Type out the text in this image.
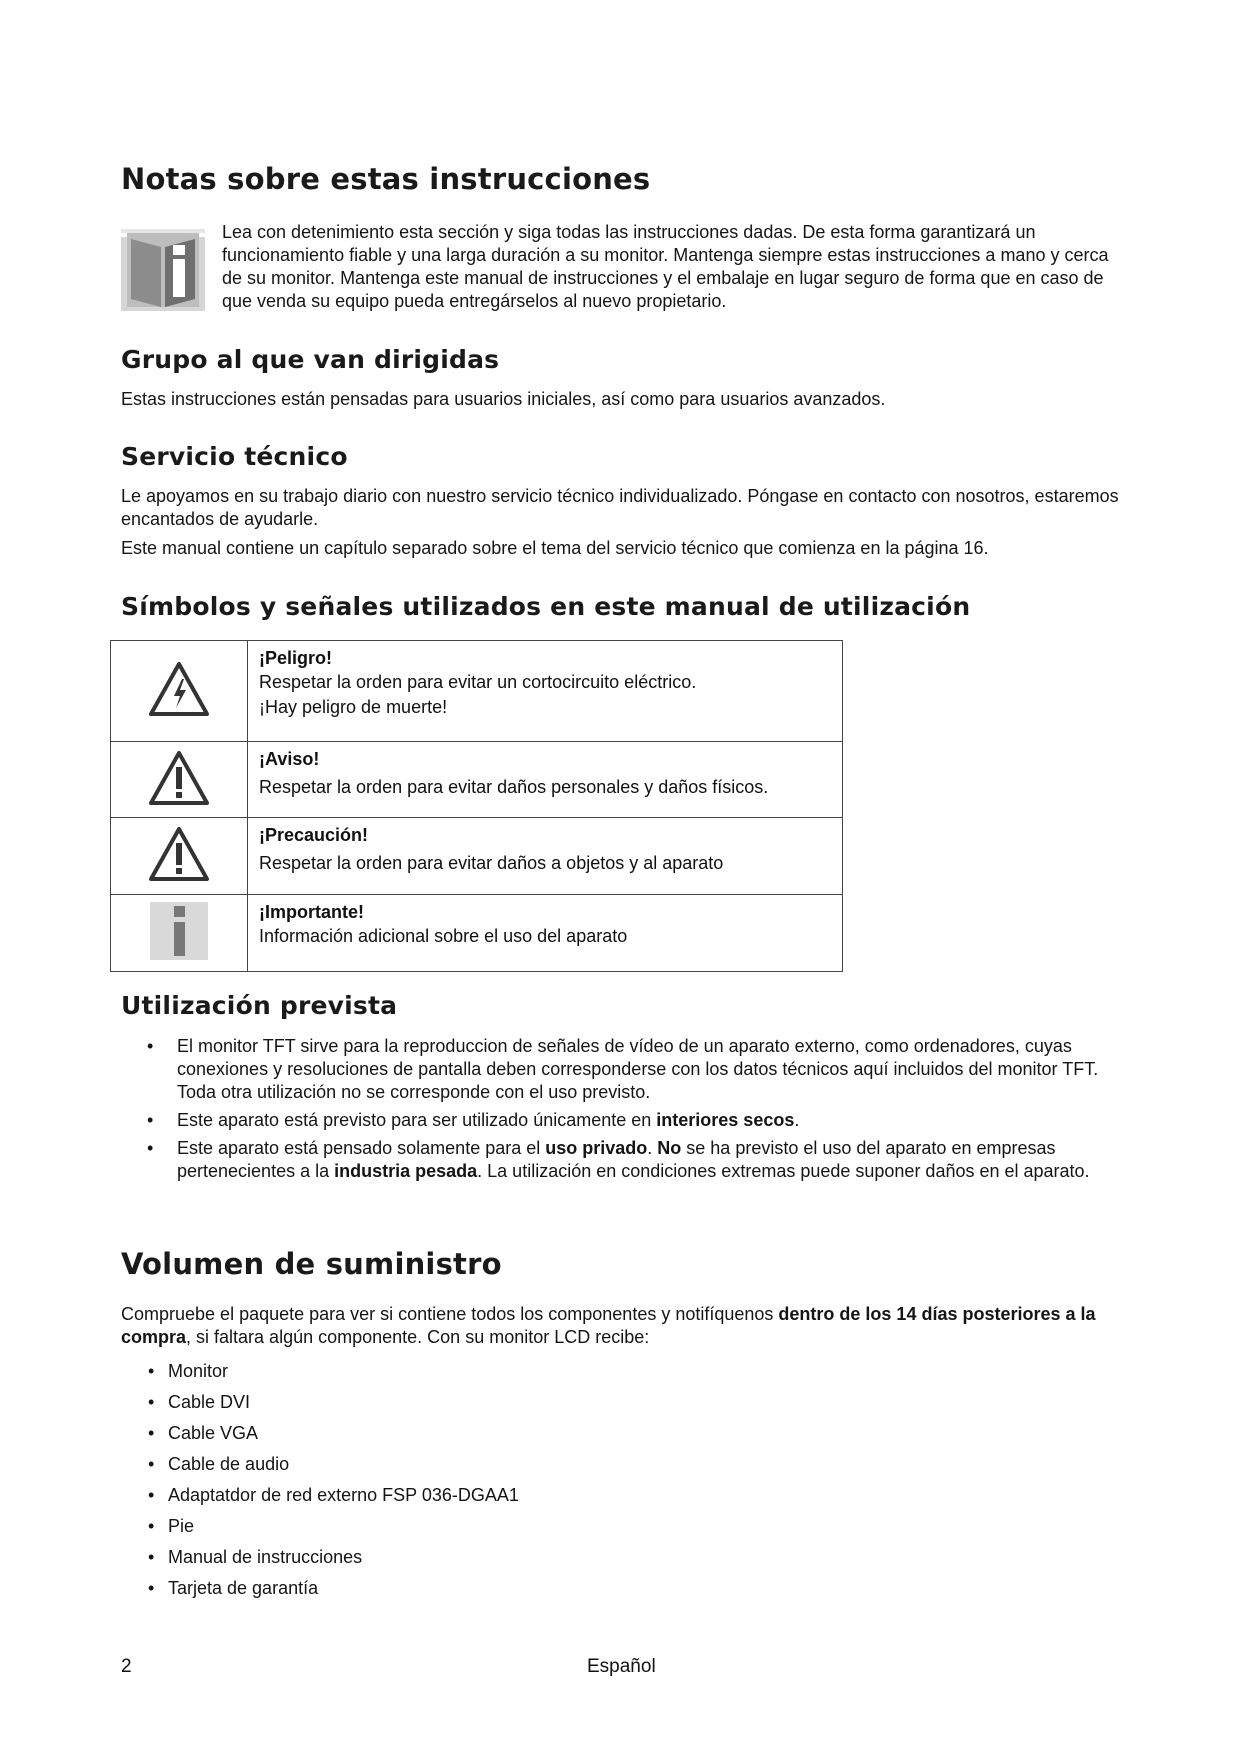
Notas sobre estas instrucciones

Lea con detenimiento esta sección y siga todas las instrucciones dadas. De esta forma garantizará un funcionamiento fiable y una larga duración a su monitor. Mantenga siempre estas instrucciones a mano y cerca de su monitor. Mantenga este manual de instrucciones y el embalaje en lugar seguro de forma que en caso de que venda su equipo pueda entregárselos al nuevo propietario.

Grupo al que van dirigidas

Estas instrucciones están pensadas para usuarios iniciales, así como para usuarios avanzados.

Servicio técnico

Le apoyamos en su trabajo diario con nuestro servicio técnico individualizado. Póngase en contacto con nosotros, estaremos encantados de ayudarle.

Este manual contiene un capítulo separado sobre el tema del servicio técnico que comienza en la página 16.

Símbolos y señales utilizados en este manual de utilización

¡Peligro!
Respetar la orden para evitar un cortocircuito eléctrico.
¡Hay peligro de muerte!

¡Aviso!
Respetar la orden para evitar daños personales y daños físicos.

¡Precaución!
Respetar la orden para evitar daños a objetos y al aparato

¡Importante!
Información adicional sobre el uso del aparato
Utilización prevista
• El monitor TFT sirve para la reproduccion de señales de vídeo de un aparato externo, como ordenadores, cuyas conexiones y resoluciones de pantalla deben corresponderse con los datos técnicos aquí incluidos del monitor TFT. Toda otra utilización no se corresponde con el uso previsto.
• Este aparato está previsto para ser utilizado únicamente en interiores secos.
• Este aparato está pensado solamente para el uso privado. No se ha previsto el uso del aparato en empresas pertenecientes a la industria pesada. La utilización en condiciones extremas puede suponer daños en el aparato.
Volumen de suministro

Compruebe el paquete para ver si contiene todos los componentes y notifíquenos dentro de los 14 días posteriores a la compra, si faltara algún componente. Con su monitor LCD recibe:

• Monitor
• Cable DVI
• Cable VGA
• Cable de audio
• Adaptatdor de red externo FSP 036-DGAA1
• Pie
• Manual de instrucciones
• Tarjeta de garantía
2	Español
